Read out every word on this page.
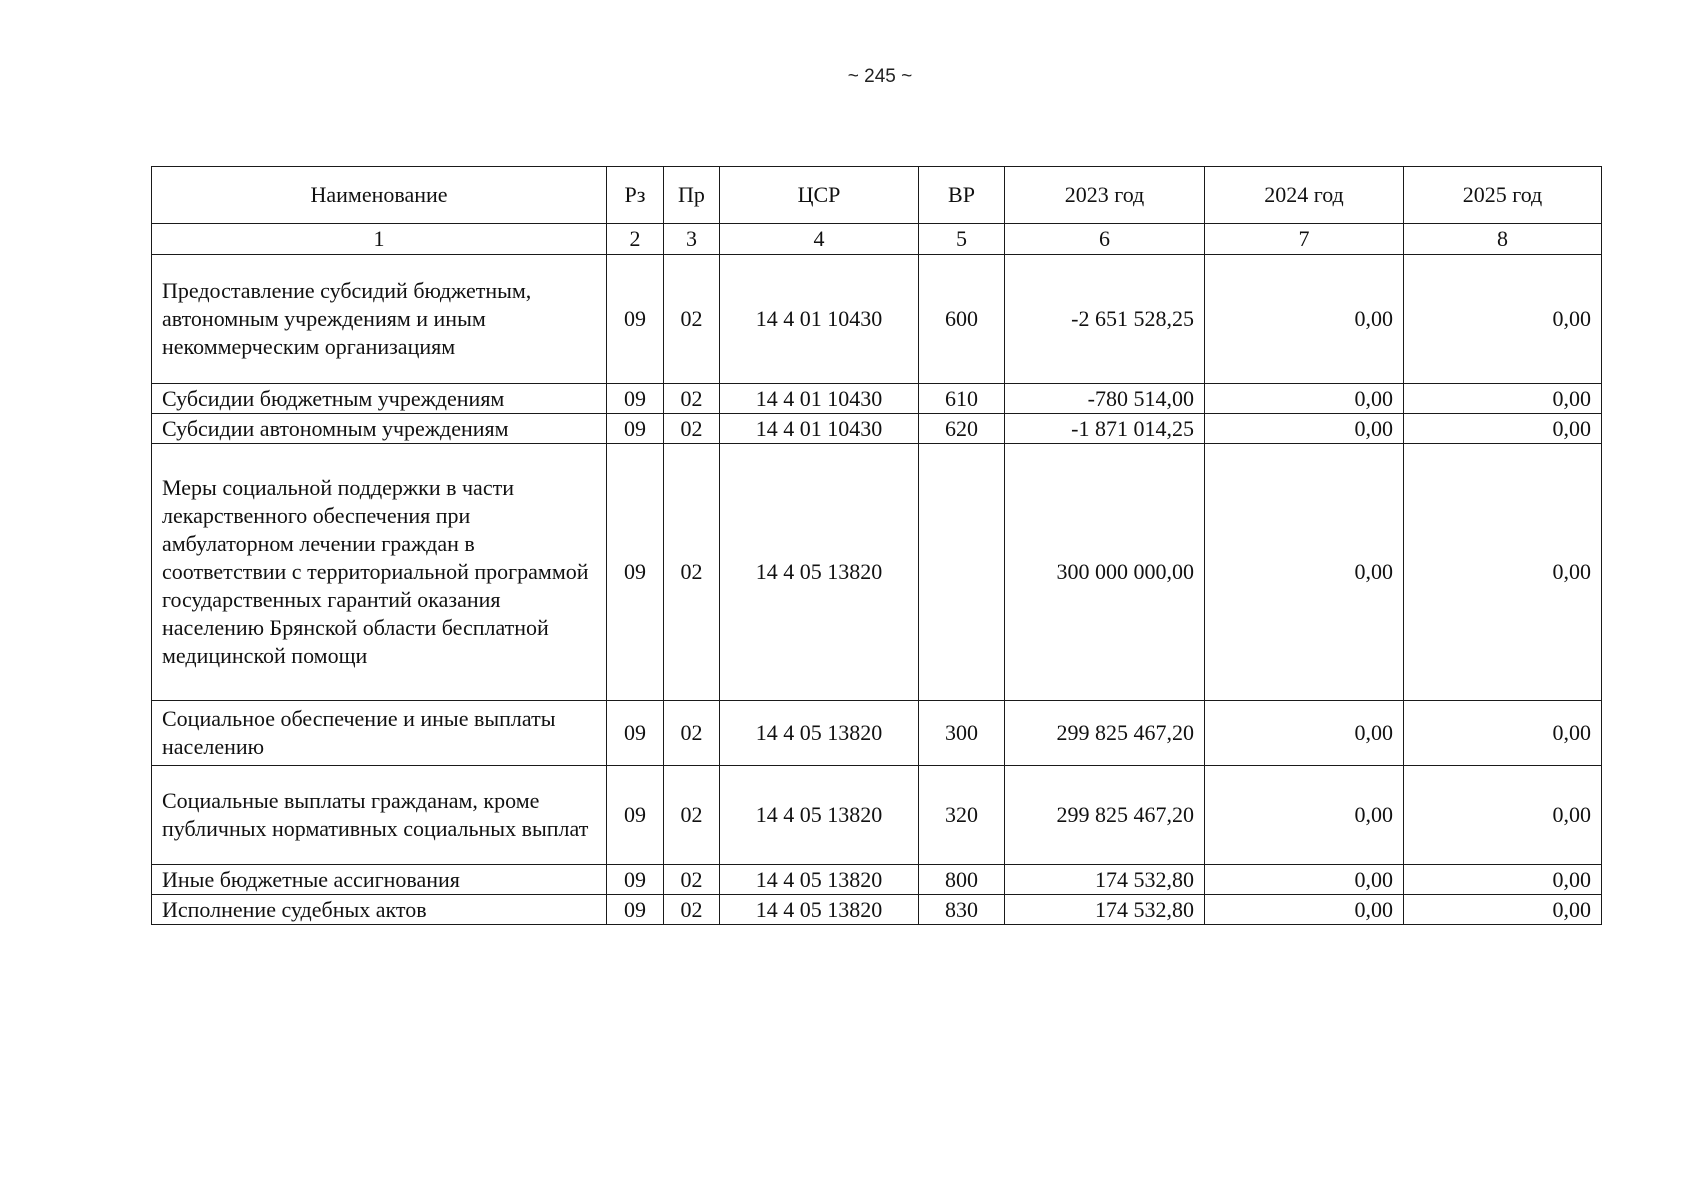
~ 245 ~
Наименование	Рз	Пр	ЦСР	ВР	2023 год	2024 год	2025 год
1	2	3	4	5	6	7	8
Предоставление субсидий бюджетным, автономным учреждениям и иным некоммерческим организациям	09	02	14 4 01 10430	600	-2 651 528,25	0,00	0,00
Субсидии бюджетным учреждениям	09	02	14 4 01 10430	610	-780 514,00	0,00	0,00
Субсидии автономным учреждениям	09	02	14 4 01 10430	620	-1 871 014,25	0,00	0,00
Меры социальной поддержки в части лекарственного обеспечения при амбулаторном лечении граждан в соответствии с территориальной программой государственных гарантий оказания населению Брянской области бесплатной медицинской помощи	09	02	14 4 05 13820		300 000 000,00	0,00	0,00
Социальное обеспечение и иные выплаты населению	09	02	14 4 05 13820	300	299 825 467,20	0,00	0,00
Социальные выплаты гражданам, кроме публичных нормативных социальных выплат	09	02	14 4 05 13820	320	299 825 467,20	0,00	0,00
Иные бюджетные ассигнования	09	02	14 4 05 13820	800	174 532,80	0,00	0,00
Исполнение судебных актов	09	02	14 4 05 13820	830	174 532,80	0,00	0,00
